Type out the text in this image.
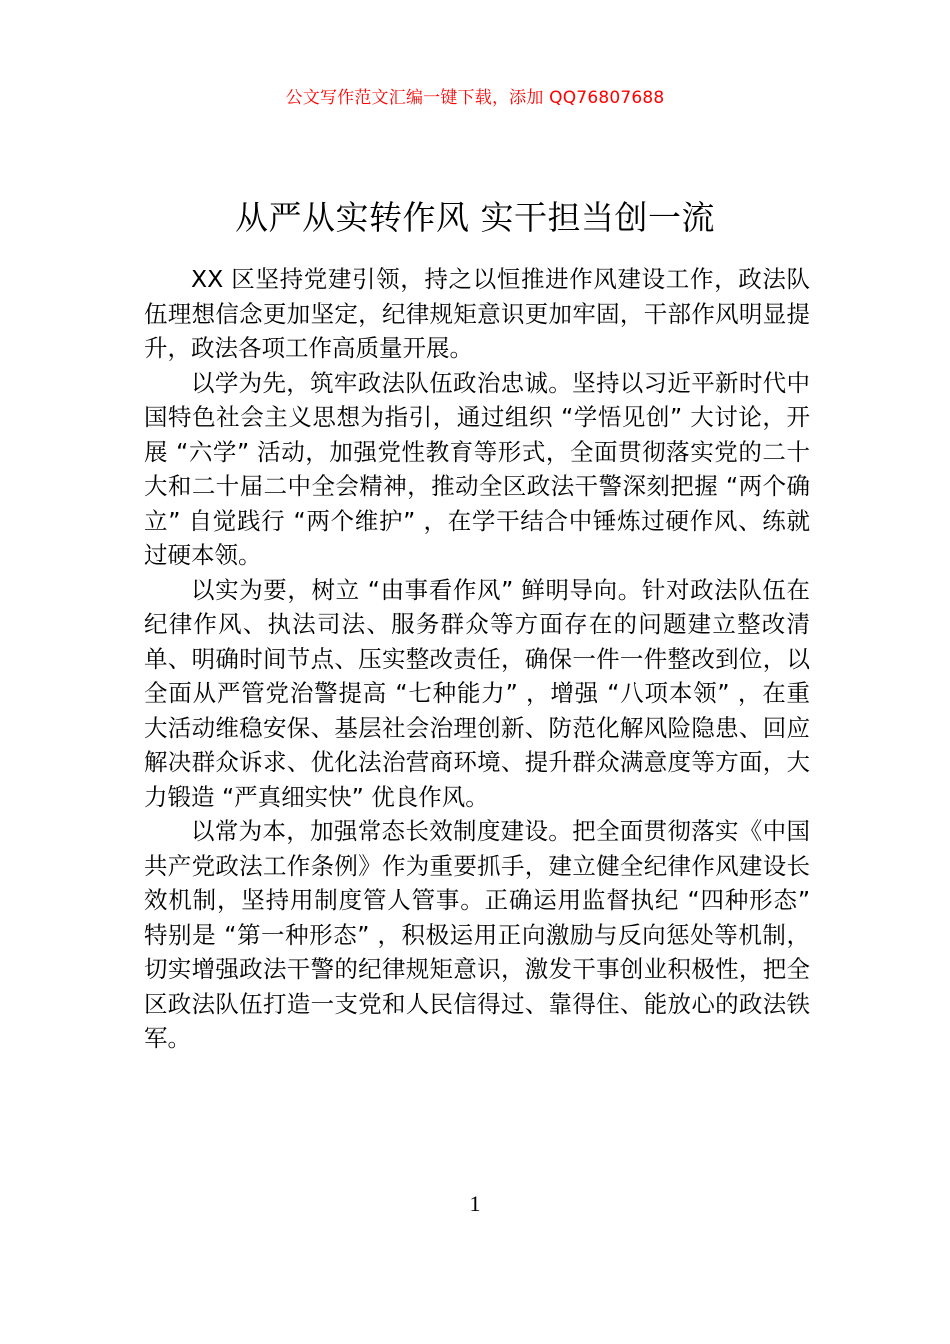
公文写作范文汇编一键下载，添加 QQ76807688
从严从实转作风 实干担当创一流

XX 区坚持党建引领，持之以恒推进作风建设工作，政法队伍理想信念更加坚定，纪律规矩意识更加牢固，干部作风明显提升，政法各项工作高质量开展。

以学为先，筑牢政法队伍政治忠诚。坚持以习近平新时代中国特色社会主义思想为指引，通过组织 “学悟见创” 大讨论，开展 “六学” 活动，加强党性教育等形式，全面贯彻落实党的二十大和二十届二中全会精神，推动全区政法干警深刻把握 “两个确立” 自觉践行 “两个维护” ，在学干结合中锤炼过硬作风、练就过硬本领。

以实为要，树立 “由事看作风” 鲜明导向。针对政法队伍在纪律作风、执法司法、服务群众等方面存在的问题建立整改清单、明确时间节点、压实整改责任，确保一件一件整改到位，以全面从严管党治警提高 “七种能力” ，增强 “八项本领” ，在重大活动维稳安保、基层社会治理创新、防范化解风险隐患、回应解决群众诉求、优化法治营商环境、提升群众满意度等方面，大力锻造 “严真细实快” 优良作风。

以常为本，加强常态长效制度建设。把全面贯彻落实《中国共产党政法工作条例》作为重要抓手，建立健全纪律作风建设长效机制，坚持用制度管人管事。正确运用监督执纪 “四种形态” 特别是 “第一种形态” ，积极运用正向激励与反向惩处等机制，切实增强政法干警的纪律规矩意识，激发干事创业积极性，把全区政法队伍打造一支党和人民信得过、靠得住、能放心的政法铁军。

1
